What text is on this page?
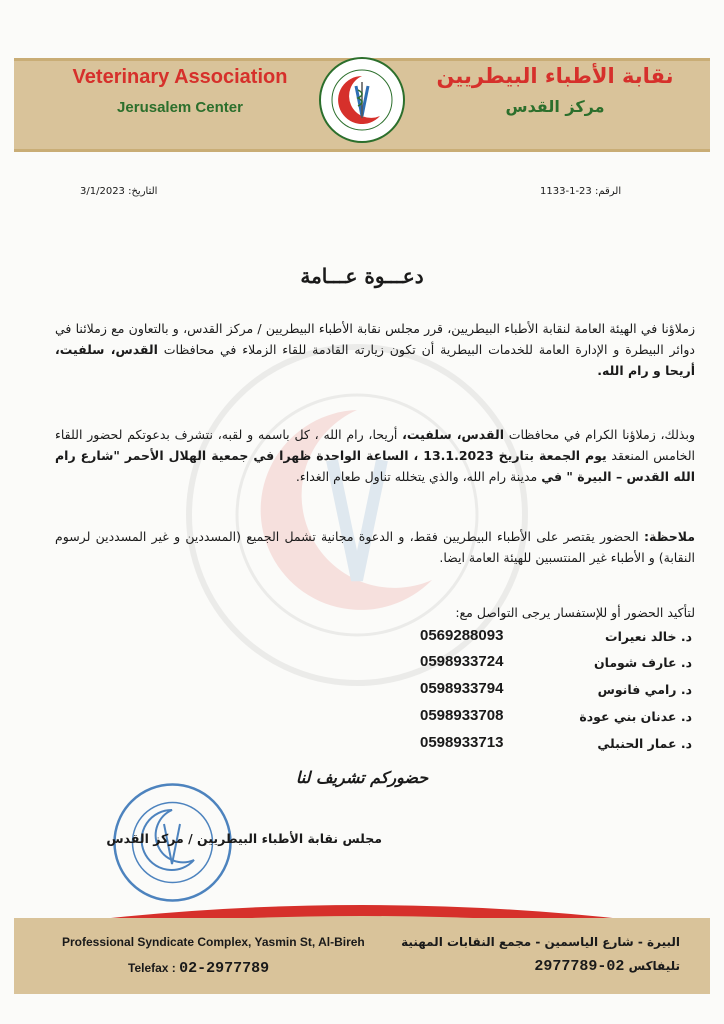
Veterinary Association
Jerusalem Center
نقابة الأطباء البيطريين
مركز القدس
الرقم: 23-1-1133
التاريخ: 3/1/2023
دعـــوة عـــامة
زملاؤنا في الهيئة العامة لنقابة الأطباء البيطريين، قرر مجلس نقابة الأطباء البيطريين / مركز القدس، و بالتعاون مع زملائنا في دوائر البيطرة و الإدارة العامة للخدمات البيطرية أن تكون زيارته القادمة للقاء الزملاء في محافظات القدس، سلفيت، أريحا و رام الله.
وبذلك، زملاؤنا الكرام في محافظات القدس، سلفيت، أريحا، رام الله ، كل باسمه و لقبه، نتشرف بدعوتكم لحضور اللقاء الخامس المنعقد يوم الجمعة بتاريخ 13.1.2023 ، الساعة الواحدة ظهرا في جمعية الهلال الأحمر "شارع رام الله القدس – البيرة " في مدينة رام الله، والذي يتخلله تناول طعام الغداء.
ملاحظة: الحضور يقتصر على الأطباء البيطريين فقط، و الدعوة مجانية تشمل الجميع (المسددين و غير المسددين لرسوم النقابة) و الأطباء غير المنتسبين للهيئة العامة ايضا.
لتأكيد الحضور أو للإستفسار يرجى التواصل مع:
د. خالد نعيرات
0569288093
د. عارف شومان
0598933724
د. رامي فانوس
0598933794
د. عدنان بني عودة
0598933708
د. عمار الحنبلي
0598933713
حضوركم تشريف لنا
مجلس نقابة الأطباء البيطريين / مركز القدس
Professional Syndicate Complex, Yasmin St, Al-Bireh
Telefax : 02-2977789
البيرة - شارع الياسمين - مجمع النقابات المهنية
تليفاكس 02-2977789
